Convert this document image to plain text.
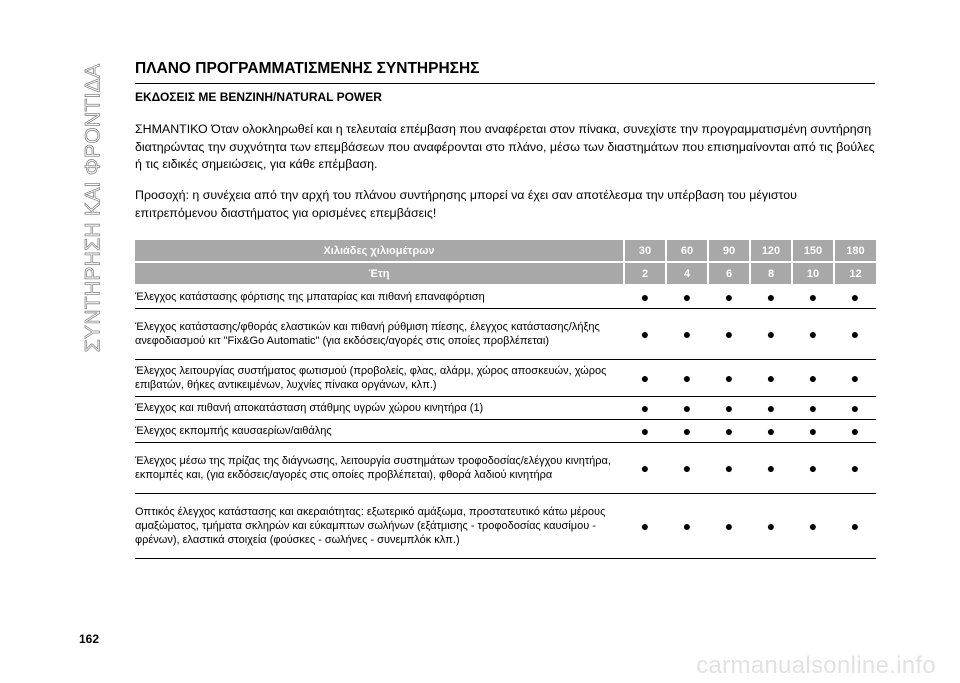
ΣΥΝΤΗΡΗΣΗ ΚΑΙ ΦΡΟΝΤΙΔΑ ΠΛΑΝΟ ΠΡΟΓΡΑΜΜΑΤΙΣΜΕΝΗΣ ΣΥΝΤΗΡΗΣΗΣ
ΕΚΔΟΣΕΙΣ ΜΕ ΒΕΝΖΙΝΗ/NATURAL POWER
ΣΗΜΑΝΤΙΚΟ Όταν ολοκληρωθεί και η τελευταία επέμβαση που αναφέρεται στον πίνακα, συνεχίστε την προγραμματισμένη συντήρηση διατηρώντας την συχνότητα των επεμβάσεων που αναφέρονται στο πλάνο, μέσω των διαστημάτων που επισημαίνονται από τις βούλες ή τις ειδικές σημειώσεις, για κάθε επέμβαση.
Προσοχή: η συνέχεια από την αρχή του πλάνου συντήρησης μπορεί να έχει σαν αποτέλεσμα την υπέρβαση του μέγιστου επιτρεπόμενου διαστήματος για ορισμένες επεμβάσεις!
Χιλιάδες χιλιομέτρων	30	60	90	120	150	180
Έτη	2	4	6	8	10	12
Έλεγχος κατάστασης φόρτισης της μπαταρίας και πιθανή επαναφόρτιση	●	●	●	●	●	●
Έλεγχος κατάστασης/φθοράς ελαστικών και πιθανή ρύθμιση πίεσης, έλεγχος κατάστασης/λήξης ανεφοδιασμού κιτ "Fix&Go Automatic" (για εκδόσεις/αγορές στις οποίες προβλέπεται)	●	●	●	●	●	●
Έλεγχος λειτουργίας συστήματος φωτισμού (προβολείς, φλας, αλάρμ, χώρος αποσκευών, χώρος επιβατών, θήκες αντικειμένων, λυχνίες πίνακα οργάνων, κλπ.)	●	●	●	●	●	●
Έλεγχος και πιθανή αποκατάσταση στάθμης υγρών χώρου κινητήρα (1)	●	●	●	●	●	●
Έλεγχος εκπομπής καυσαερίων/αιθάλης	●	●	●	●	●	●
Έλεγχος μέσω της πρίζας της διάγνωσης, λειτουργία συστημάτων τροφοδοσίας/ελέγχου κινητήρα, εκπομπές και, (για εκδόσεις/αγορές στις οποίες προβλέπεται), φθορά λαδιού κινητήρα	●	●	●	●	●	●
Οπτικός έλεγχος κατάστασης και ακεραιότητας: εξωτερικό αμάξωμα, προστατευτικό κάτω μέρους αμαξώματος, τμήματα σκληρών και εύκαμπτων σωλήνων (εξάτμισης - τροφοδοσίας καυσίμου - φρένων), ελαστικά στοιχεία (φούσκες - σωλήνες - συνεμπλόκ κλπ.)	●	●	●	●	●	●
162
carmanualsonline.info
